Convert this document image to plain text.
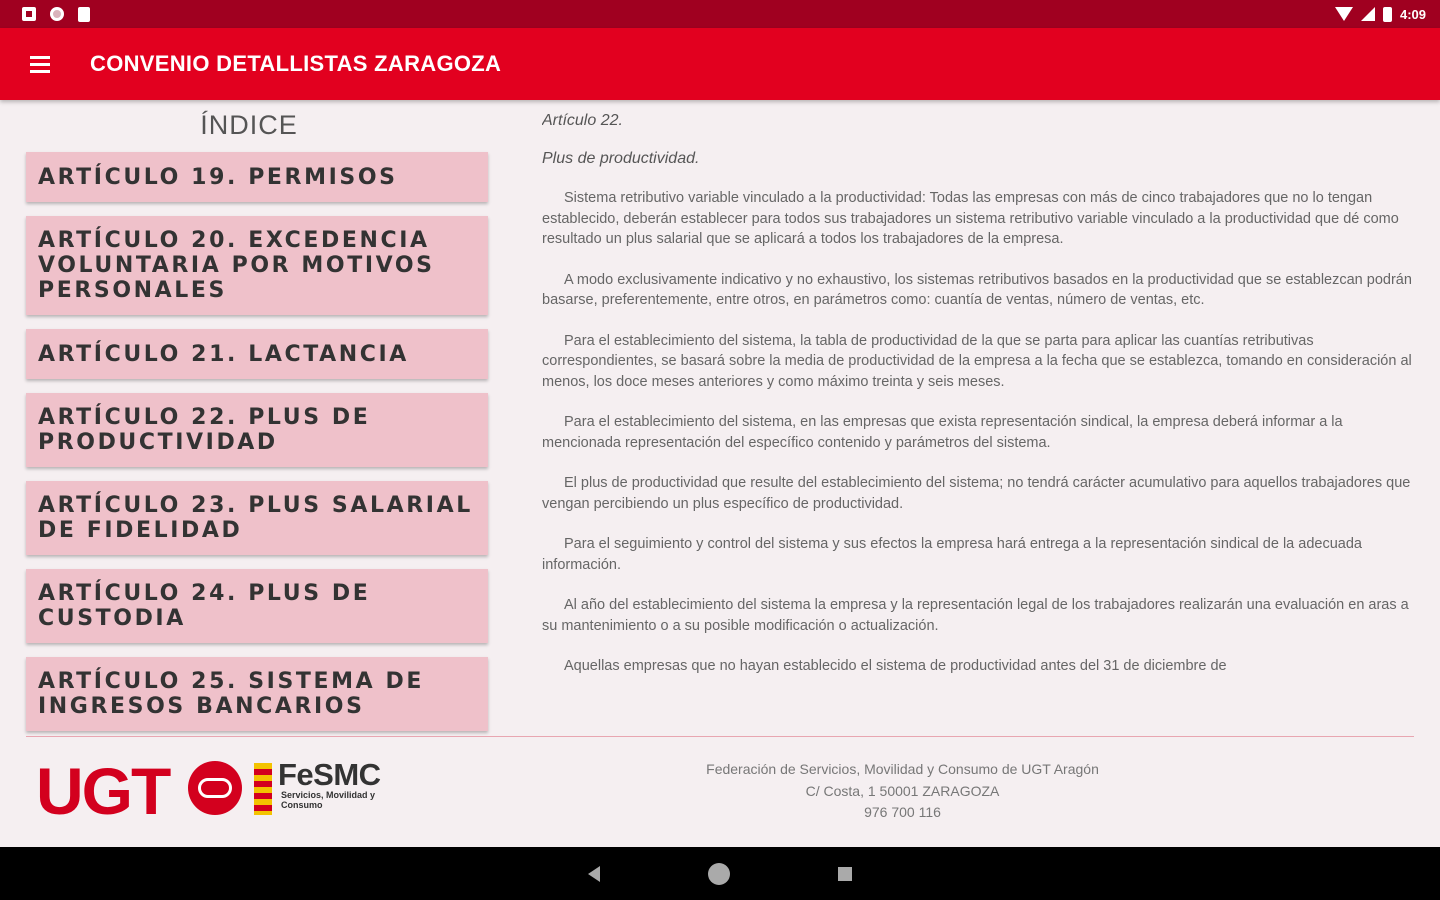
4:09
CONVENIO DETALLISTAS ZARAGOZA
ÍNDICE
ARTÍCULO 19. PERMISOS
ARTÍCULO 20. EXCEDENCIA VOLUNTARIA POR MOTIVOS PERSONALES
ARTÍCULO 21. LACTANCIA
ARTÍCULO 22. PLUS DE PRODUCTIVIDAD
ARTÍCULO 23. PLUS SALARIAL DE FIDELIDAD
ARTÍCULO 24. PLUS DE CUSTODIA
ARTÍCULO 25. SISTEMA DE INGRESOS BANCARIOS
Artículo 22.
Plus de productividad.

Sistema retributivo variable vinculado a la productividad: Todas las empresas con más de cinco trabajadores que no lo tengan establecido, deberán establecer para todos sus trabajadores un sistema retributivo variable vinculado a la productividad que dé como resultado un plus salarial que se aplicará a todos los trabajadores de la empresa.

A modo exclusivamente indicativo y no exhaustivo, los sistemas retributivos basados en la productividad que se establezcan podrán basarse, preferentemente, entre otros, en parámetros como: cuantía de ventas, número de ventas, etc.

Para el establecimiento del sistema, la tabla de productividad de la que se parta para aplicar las cuantías retributivas correspondientes, se basará sobre la media de productividad de la empresa a la fecha que se establezca, tomando en consideración al menos, los doce meses anteriores y como máximo treinta y seis meses.

Para el establecimiento del sistema, en las empresas que exista representación sindical, la empresa deberá informar a la mencionada representación del específico contenido y parámetros del sistema.

El plus de productividad que resulte del establecimiento del sistema; no tendrá carácter acumulativo para aquellos trabajadores que vengan percibiendo un plus específico de productividad.

Para el seguimiento y control del sistema y sus efectos la empresa hará entrega a la representación sindical de la adecuada información.

Al año del establecimiento del sistema la empresa y la representación legal de los trabajadores realizarán una evaluación en aras a su mantenimiento o a su posible modificación o actualización.

Aquellas empresas que no hayan establecido el sistema de productividad antes del 31 de diciembre de

UGT	FeSMC
Servicios, Movilidad y Consumo
Federación de Servicios, Movilidad y Consumo de UGT Aragón
C/ Costa, 1 50001 ZARAGOZA
976 700 116
